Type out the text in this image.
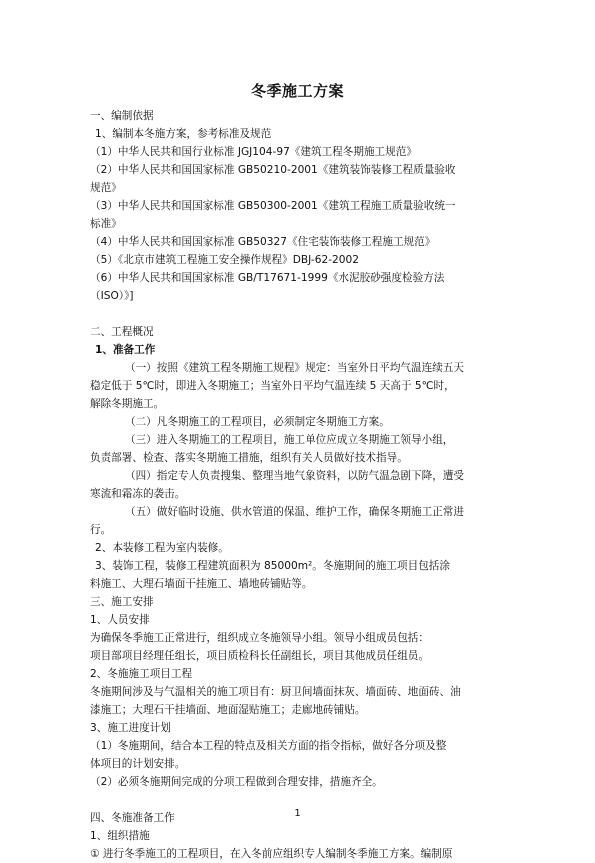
冬季施工方案
一、编制依据
1、编制本冬施方案，参考标准及规范
（1）中华人民共和国行业标准 JGJ104-97《建筑工程冬期施工规范》
（2）中华人民共和国国家标准 GB50210-2001《建筑装饰装修工程质量验收
规范》
（3）中华人民共和国国家标准 GB50300-2001《建筑工程施工质量验收统一
标准》
（4）中华人民共和国国家标准 GB50327《住宅装饰装修工程施工规范》
（5）《北京市建筑工程施工安全操作规程》DBJ-62-2002
（6）中华人民共和国国家标准 GB/T17671-1999《水泥胶砂强度检验方法
（ISO）》]
二、工程概况
1、准备工作
（一）按照《建筑工程冬期施工规程》规定：当室外日平均气温连续五天
稳定低于 5℃时，即进入冬期施工；当室外日平均气温连续 5 天高于 5℃时，
解除冬期施工。
（二）凡冬期施工的工程项目，必须制定冬期施工方案。
（三）进入冬期施工的工程项目，施工单位应成立冬期施工领导小组，
负责部署、检查、落实冬期施工措施，组织有关人员做好技术指导。
（四）指定专人负责搜集、整理当地气象资料，以防气温急剧下降，遭受
寒流和霜冻的袭击。
（五）做好临时设施、供水管道的保温、维护工作，确保冬期施工正常进
行。
2、本装修工程为室内装修。
3、装饰工程，装修工程建筑面积为 85000m²。冬施期间的施工项目包括涂
料施工、大理石墙面干挂施工、墙地砖铺贴等。
三、施工安排
1、人员安排
为确保冬季施工正常进行，组织成立冬施领导小组。领导小组成员包括：
项目部项目经理任组长，项目质检科长任副组长，项目其他成员任组员。
2、冬施施工项目工程
冬施期间涉及与气温相关的施工项目有：厨卫间墙面抹灰、墙面砖、地面砖、油
漆施工；大理石干挂墙面、地面湿贴施工；走廊地砖铺贴。
3、施工进度计划
（1）冬施期间，结合本工程的特点及相关方面的指令指标，做好各分项及整
体项目的计划安排。
（2）必须冬施期间完成的分项工程做到合理安排，措施齐全。
四、冬施准备工作
1、组织措施
① 进行冬季施工的工程项目，在入冬前应组织专人编制冬季施工方案。编制原
1
